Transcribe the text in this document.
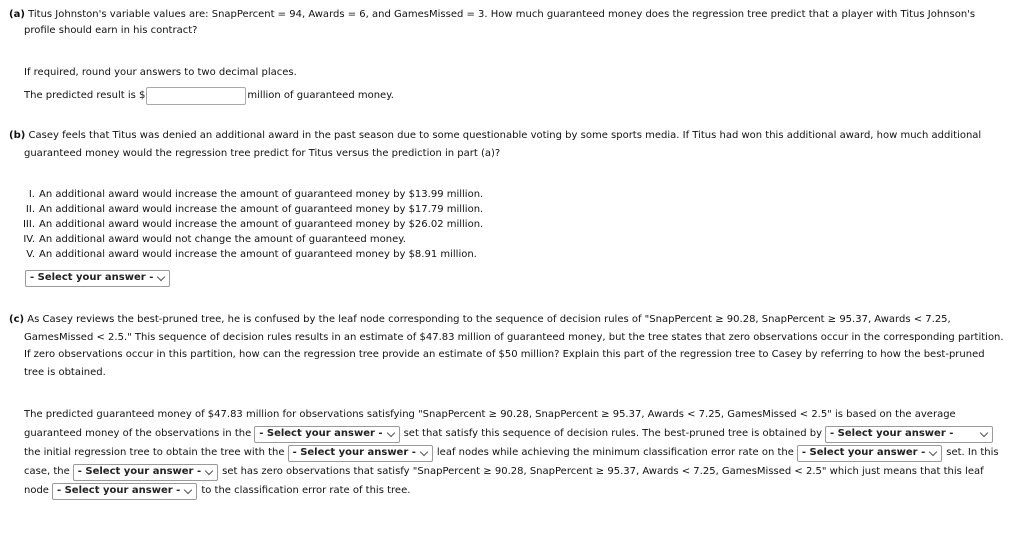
(a) Titus Johnston's variable values are: SnapPercent = 94, Awards = 6, and GamesMissed = 3. How much guaranteed money does the regression tree predict that a player with Titus Johnson's
profile should earn in his contract?
If required, round your answers to two decimal places.
The predicted result is $	million of guaranteed money.
(b) Casey feels that Titus was denied an additional award in the past season due to some questionable voting by some sports media. If Titus had won this additional award, how much additional
guaranteed money would the regression tree predict for Titus versus the prediction in part (a)?
I. An additional award would increase the amount of guaranteed money by $13.99 million.
II. An additional award would increase the amount of guaranteed money by $17.79 million.
III. An additional award would increase the amount of guaranteed money by $26.02 million.
IV. An additional award would not change the amount of guaranteed money.
V. An additional award would increase the amount of guaranteed money by $8.91 million.
- Select your answer -
(c) As Casey reviews the best-pruned tree, he is confused by the leaf node corresponding to the sequence of decision rules of "SnapPercent ≥ 90.28, SnapPercent ≥ 95.37, Awards < 7.25,
GamesMissed < 2.5." This sequence of decision rules results in an estimate of $47.83 million of guaranteed money, but the tree states that zero observations occur in the corresponding partition.
If zero observations occur in this partition, how can the regression tree provide an estimate of $50 million? Explain this part of the regression tree to Casey by referring to how the best-pruned
tree is obtained.
The predicted guaranteed money of $47.83 million for observations satisfying "SnapPercent ≥ 90.28, SnapPercent ≥ 95.37, Awards < 7.25, GamesMissed < 2.5" is based on the average
guaranteed money of the observations in the - Select your answer - set that satisfy this sequence of decision rules. The best-pruned tree is obtained by - Select your answer -
the initial regression tree to obtain the tree with the - Select your answer - leaf nodes while achieving the minimum classification error rate on the - Select your answer - set. In this
case, the - Select your answer - set has zero observations that satisfy "SnapPercent ≥ 90.28, SnapPercent ≥ 95.37, Awards < 7.25, GamesMissed < 2.5" which just means that this leaf
node - Select your answer - to the classification error rate of this tree.
